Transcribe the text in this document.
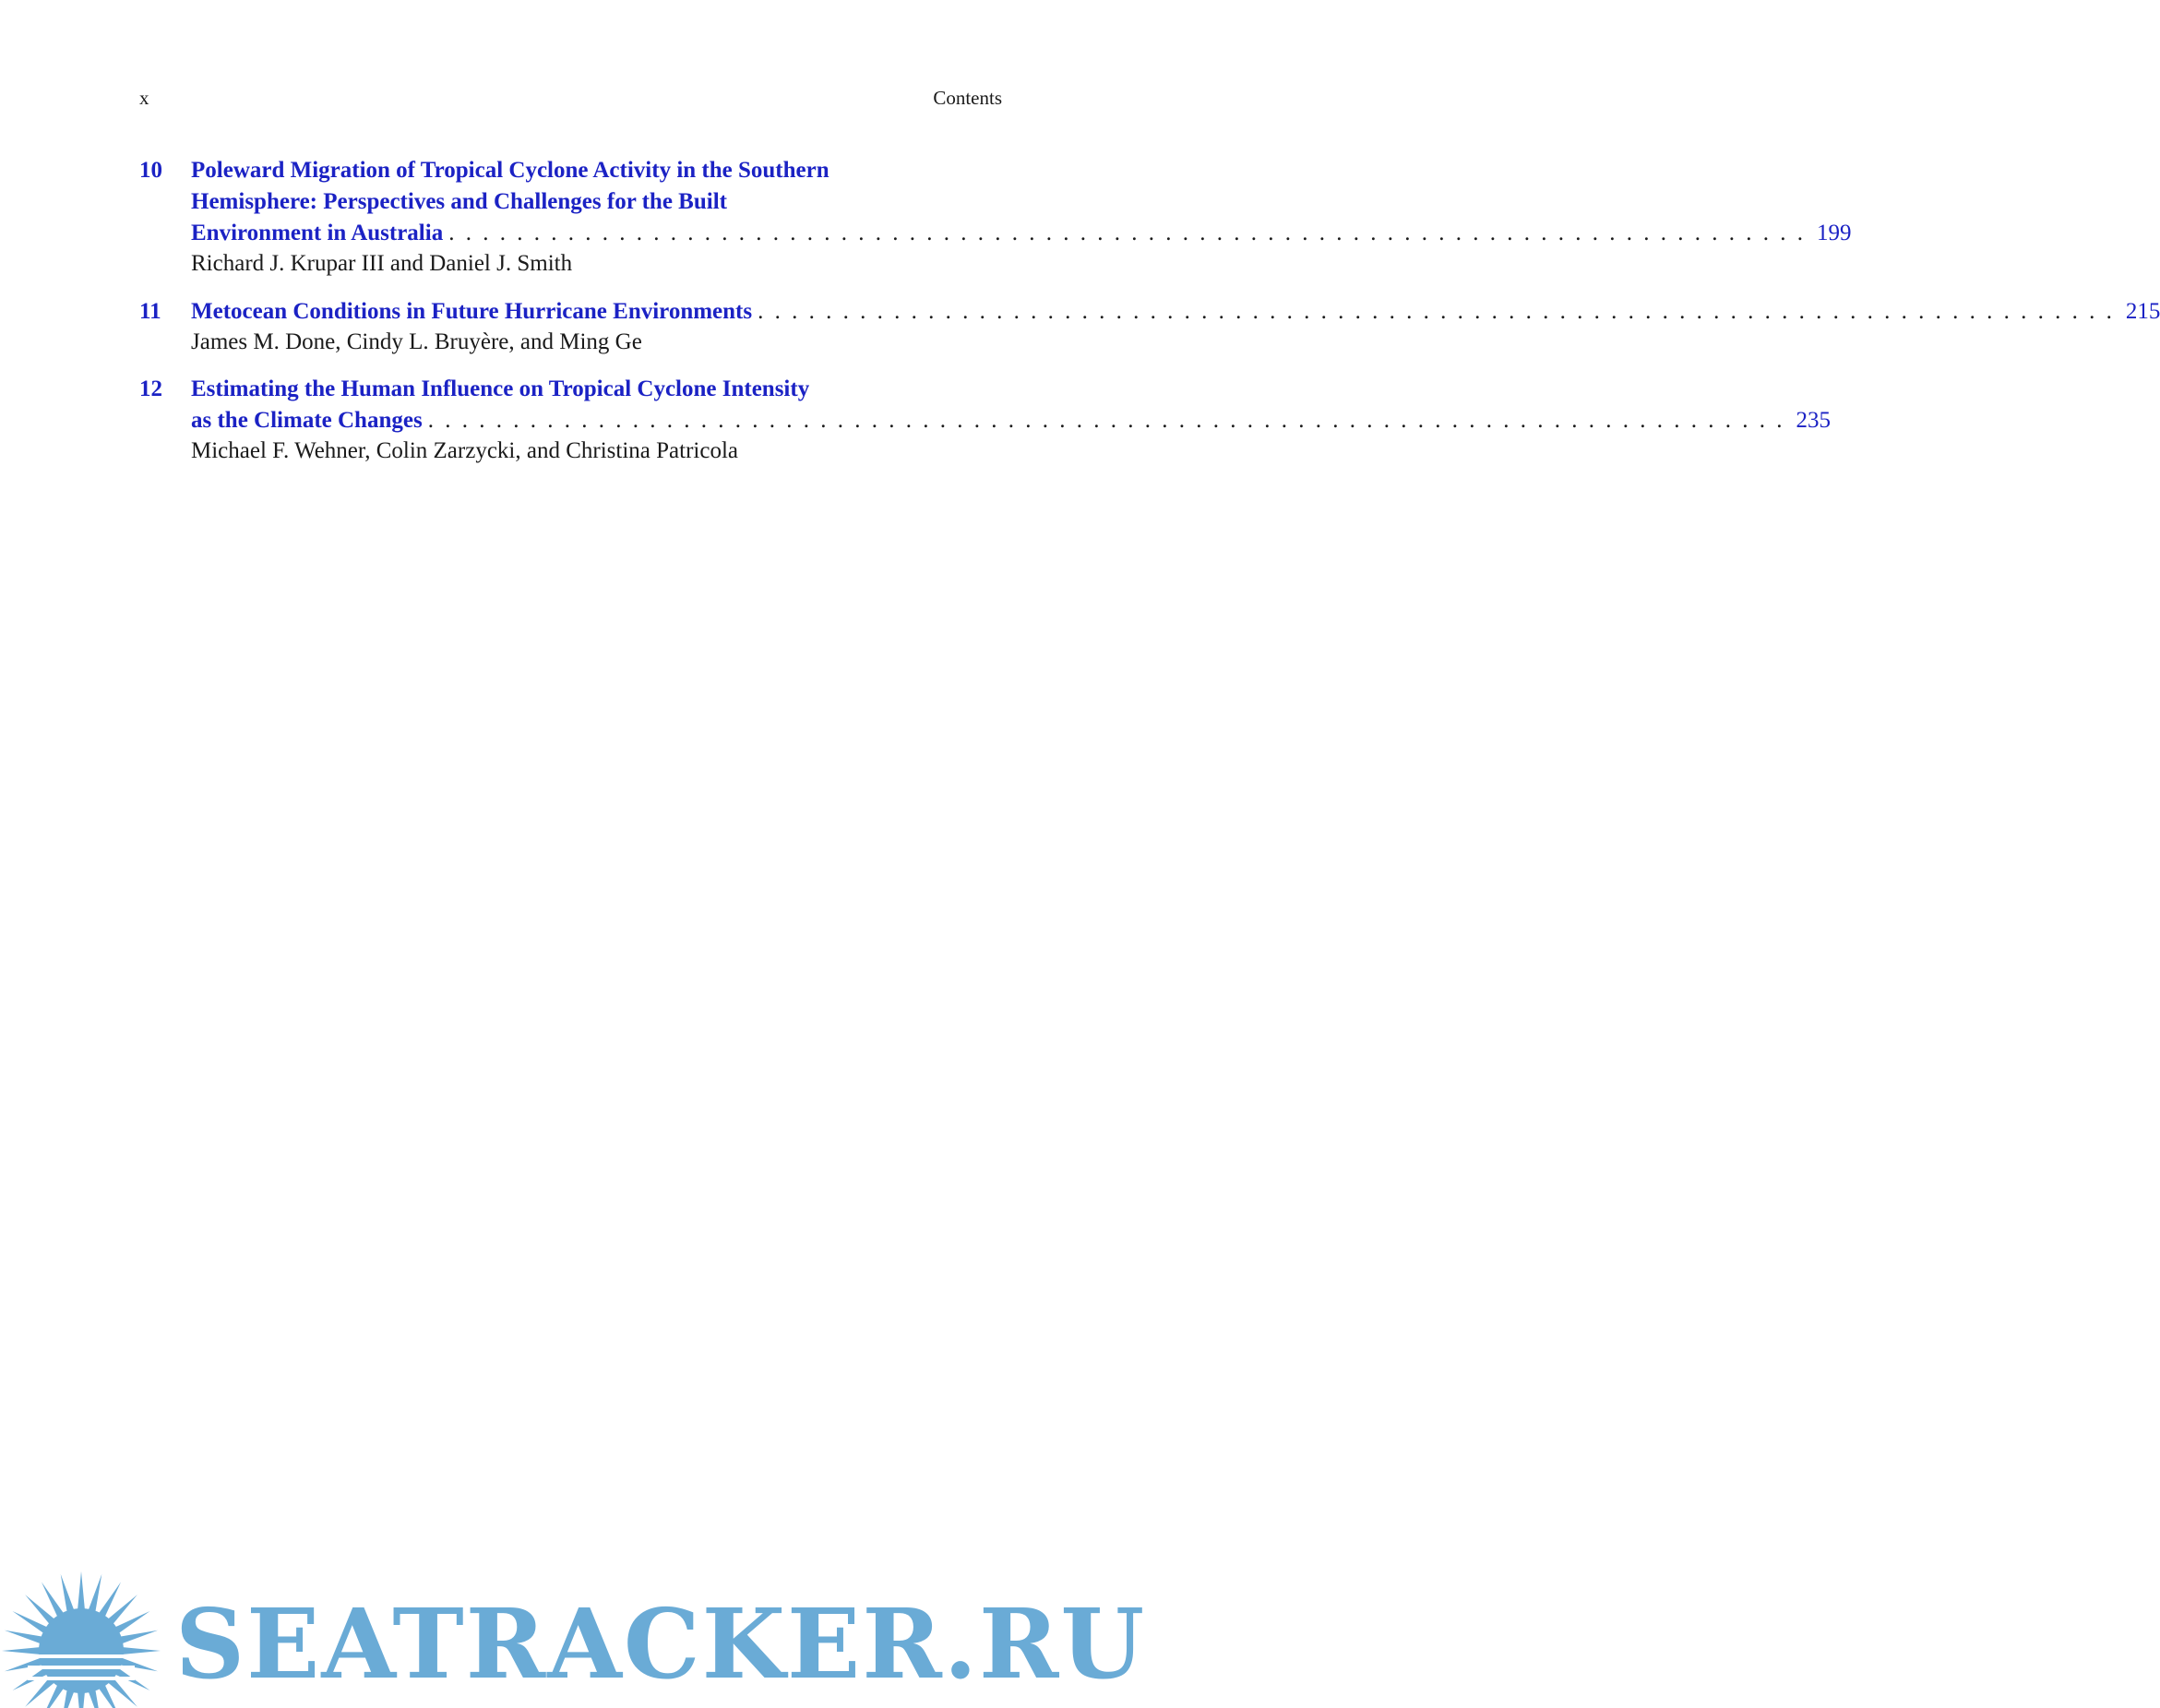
x	Contents
10 Poleward Migration of Tropical Cyclone Activity in the Southern
Hemisphere: Perspectives and Challenges for the Built
Environment in Australia . . . . . . . . . . . . . . . . . . . . . . . . . . . . . . . . . . . . . . . . . . . . . . . . . . . . . . . . . . . . . . . . . . . . . . . . . . . . . . . . 199
Richard J. Krupar III and Daniel J. Smith
11 Metocean Conditions in Future Hurricane Environments . . . . . . . . . . . . . . . . . . . . . . . . . . . . . . . . . . . . . . . . . . . . . . . . . . . . . . . . . . . . . . . . . . . . . . . . . . . . . . . . 215
James M. Done, Cindy L. Bruyère, and Ming Ge
12 Estimating the Human Influence on Tropical Cyclone Intensity
as the Climate Changes . . . . . . . . . . . . . . . . . . . . . . . . . . . . . . . . . . . . . . . . . . . . . . . . . . . . . . . . . . . . . . . . . . . . . . . . . . . . . . . . 235
Michael F. Wehner, Colin Zarzycki, and Christina Patricola
SEATRACKER.RU
